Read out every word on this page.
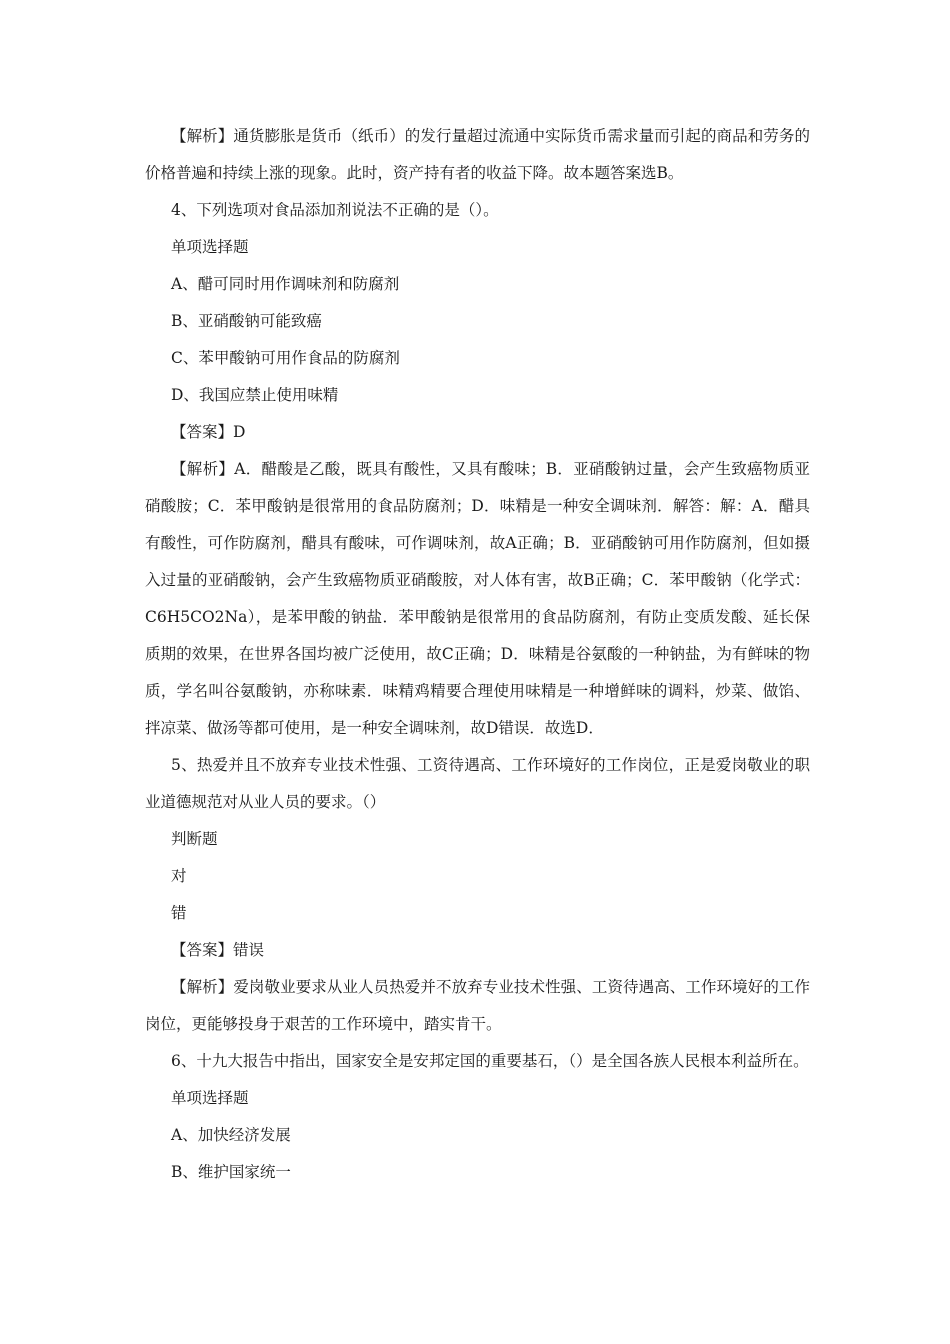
【解析】通货膨胀是货币（纸币）的发行量超过流通中实际货币需求量而引起的商品和劳务的价格普遍和持续上涨的现象。此时，资产持有者的收益下降。故本题答案选B。

4、下列选项对食品添加剂说法不正确的是（）。

单项选择题

A、醋可同时用作调味剂和防腐剂

B、亚硝酸钠可能致癌

C、苯甲酸钠可用作食品的防腐剂

D、我国应禁止使用味精

【答案】D

【解析】A．醋酸是乙酸，既具有酸性，又具有酸味；B．亚硝酸钠过量，会产生致癌物质亚硝酸胺；C．苯甲酸钠是很常用的食品防腐剂；D．味精是一种安全调味剂．解答：解：A．醋具有酸性，可作防腐剂，醋具有酸味，可作调味剂，故A正确；B．亚硝酸钠可用作防腐剂，但如摄入过量的亚硝酸钠，会产生致癌物质亚硝酸胺，对人体有害，故B正确；C．苯甲酸钠（化学式：C6H5CO2Na），是苯甲酸的钠盐．苯甲酸钠是很常用的食品防腐剂，有防止变质发酸、延长保质期的效果，在世界各国均被广泛使用，故C正确；D．味精是谷氨酸的一种钠盐，为有鲜味的物质，学名叫谷氨酸钠，亦称味素．味精鸡精要合理使用味精是一种增鲜味的调料，炒菜、做馅、拌凉菜、做汤等都可使用，是一种安全调味剂，故D错误．故选D．

5、热爱并且不放弃专业技术性强、工资待遇高、工作环境好的工作岗位，正是爱岗敬业的职业道德规范对从业人员的要求。（）

判断题

对

错

【答案】错误

【解析】爱岗敬业要求从业人员热爱并不放弃专业技术性强、工资待遇高、工作环境好的工作岗位，更能够投身于艰苦的工作环境中，踏实肯干。

6、十九大报告中指出，国家安全是安邦定国的重要基石，（）是全国各族人民根本利益所在。

单项选择题

A、加快经济发展

B、维护国家统一
